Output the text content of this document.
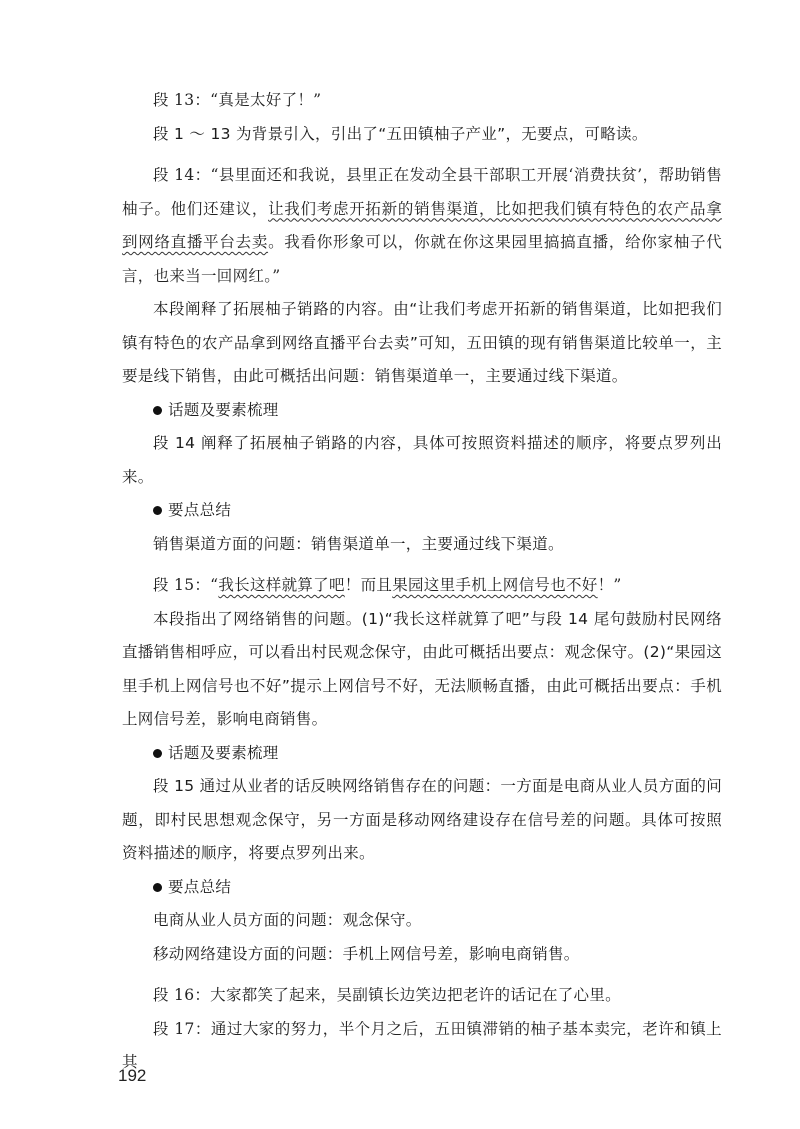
段 13：“真是太好了！”
段 1 ～ 13 为背景引入，引出了“五田镇柚子产业”，无要点，可略读。
段 14：“县里面还和我说，县里正在发动全县干部职工开展‘消费扶贫’，帮助销售柚子。他们还建议，让我们考虑开拓新的销售渠道，比如把我们镇有特色的农产品拿到网络直播平台去卖。我看你形象可以，你就在你这果园里搞搞直播，给你家柚子代言，也来当一回网红。”
本段阐释了拓展柚子销路的内容。由“让我们考虑开拓新的销售渠道，比如把我们镇有特色的农产品拿到网络直播平台去卖”可知，五田镇的现有销售渠道比较单一，主要是线下销售，由此可概括出问题：销售渠道单一，主要通过线下渠道。
话题及要素梳理
段 14 阐释了拓展柚子销路的内容，具体可按照资料描述的顺序，将要点罗列出来。
要点总结
销售渠道方面的问题：销售渠道单一，主要通过线下渠道。
段 15：“我长这样就算了吧！而且果园这里手机上网信号也不好！”
本段指出了网络销售的问题。(1)“我长这样就算了吧”与段 14 尾句鼓励村民网络直播销售相呼应，可以看出村民观念保守，由此可概括出要点：观念保守。(2)“果园这里手机上网信号也不好”提示上网信号不好，无法顺畅直播，由此可概括出要点：手机上网信号差，影响电商销售。
话题及要素梳理
段 15 通过从业者的话反映网络销售存在的问题：一方面是电商从业人员方面的问题，即村民思想观念保守，另一方面是移动网络建设存在信号差的问题。具体可按照资料描述的顺序，将要点罗列出来。
要点总结
电商从业人员方面的问题：观念保守。
移动网络建设方面的问题：手机上网信号差，影响电商销售。
段 16：大家都笑了起来，吴副镇长边笑边把老许的话记在了心里。
段 17：通过大家的努力，半个月之后，五田镇滞销的柚子基本卖完，老许和镇上其
192
